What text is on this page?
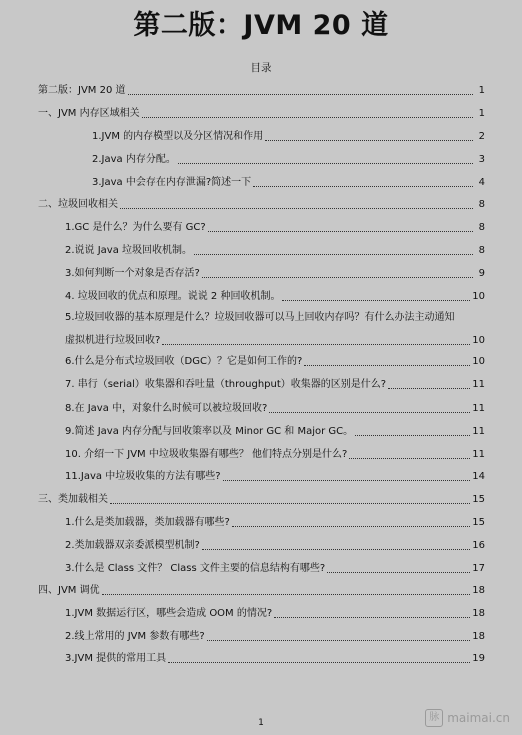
第二版：JVM 20 道
目录
第二版：JVM 20 道	1
一、JVM 内存区域相关	1
1.JVM 的内存模型以及分区情况和作用	2
2.Java 内存分配。	3
3.Java 中会存在内存泄漏?简述一下	4
二、垃圾回收相关	8
1.GC 是什么？为什么要有 GC?	8
2.说说 Java 垃圾回收机制。	8
3.如何判断一个对象是否存活?	9
4. 垃圾回收的优点和原理。说说 2 种回收机制。	10
5.垃圾回收器的基本原理是什么？垃圾回收器可以马上回收内存吗？有什么办法主动通知
虚拟机进行垃圾回收?	10
6.什么是分布式垃圾回收（DGC）？它是如何工作的?	10
7. 串行（serial）收集器和吞吐量（throughput）收集器的区别是什么?	11
8.在 Java 中，对象什么时候可以被垃圾回收?	11
9.简述 Java 内存分配与回收策率以及 Minor GC 和 Major GC。	11
10. 介绍一下 JVM 中垃圾收集器有哪些？ 他们特点分别是什么?	11
11.Java 中垃圾收集的方法有哪些?	14
三、类加载相关	15
1.什么是类加载器，类加载器有哪些?	15
2.类加载器双亲委派模型机制?	16
3.什么是 Class 文件？ Class 文件主要的信息结构有哪些?	17
四、JVM 调优	18
1.JVM 数据运行区，哪些会造成 OOM 的情况?	18
2.线上常用的 JVM 参数有哪些?	18
3.JVM 提供的常用工具	19
1	脉 maimai.cn
